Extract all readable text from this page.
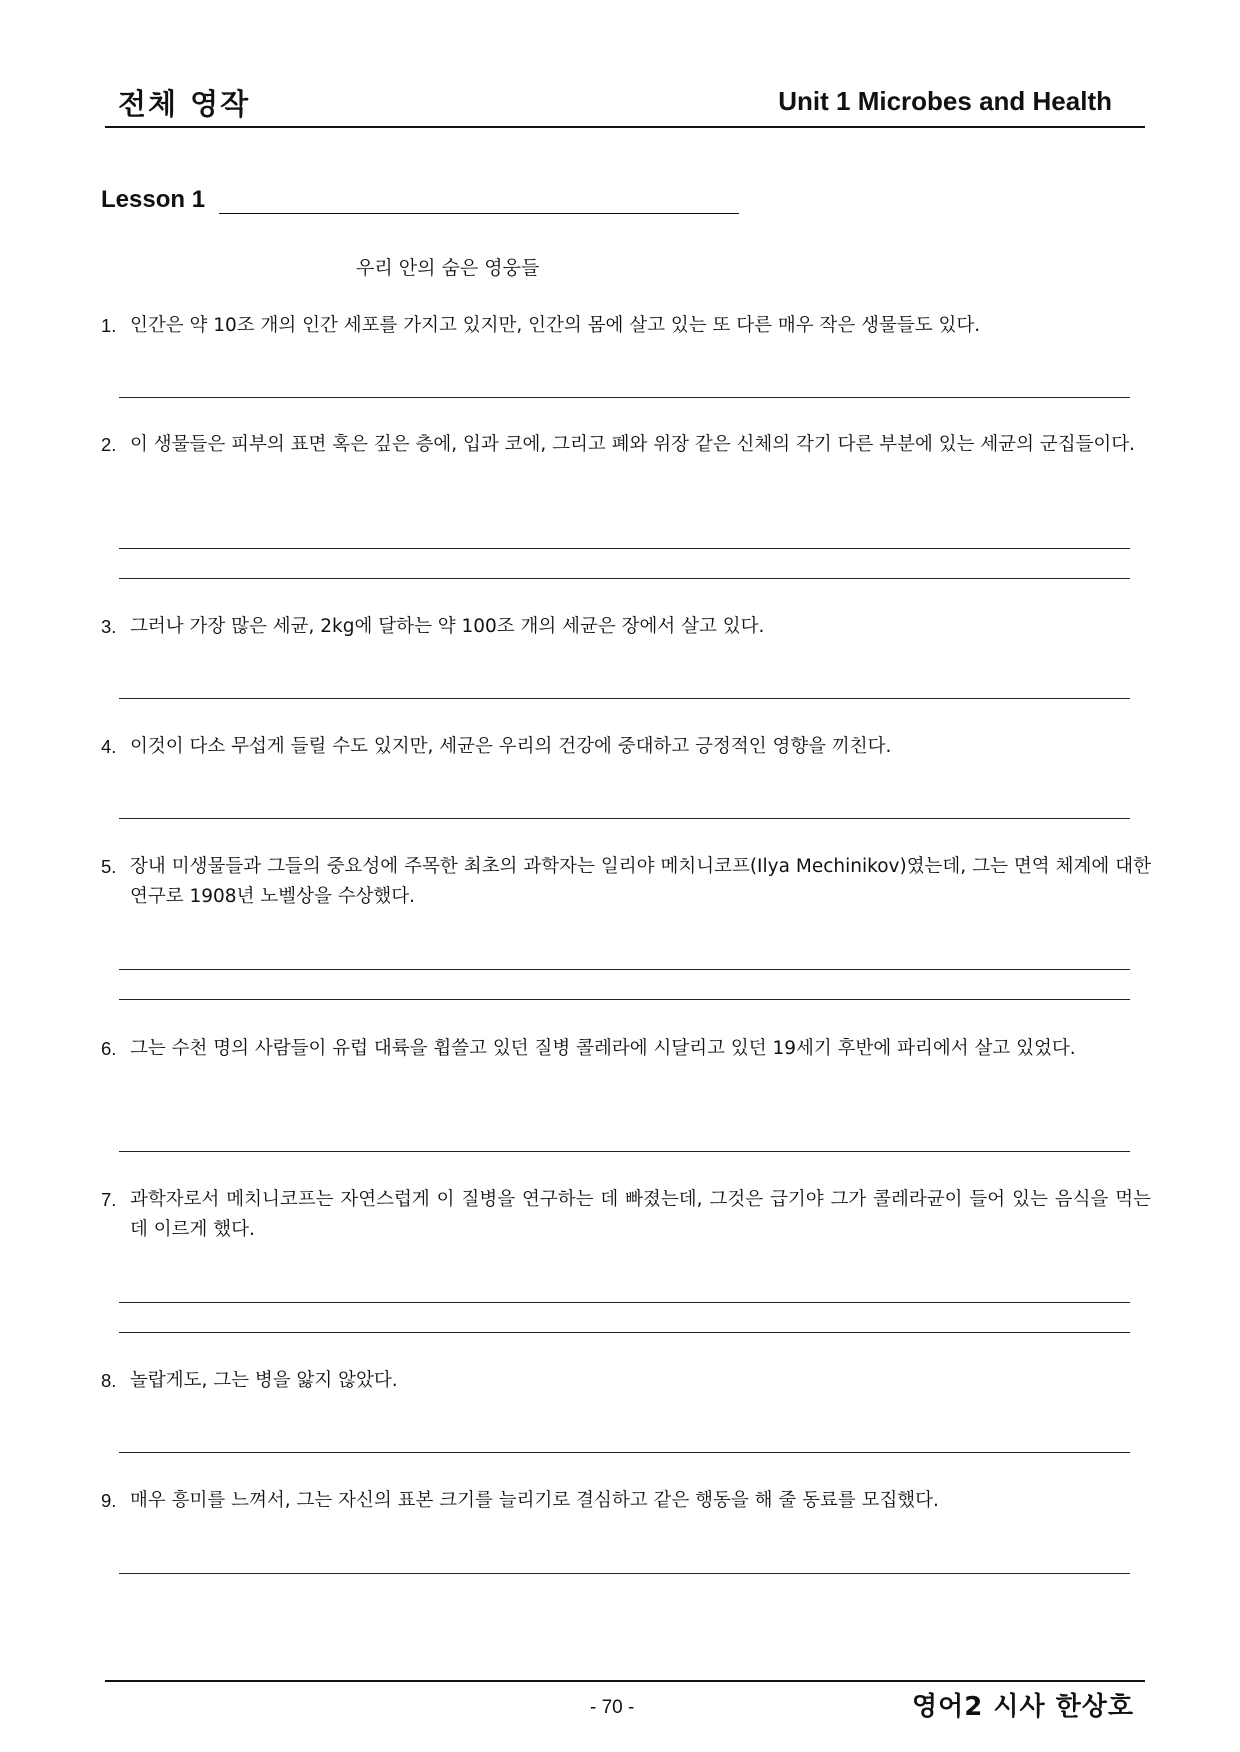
전체 영작	Unit 1 Microbes and Health
Lesson 1
우리 안의 숨은 영웅들
1. 인간은 약 10조 개의 인간 세포를 가지고 있지만, 인간의 몸에 살고 있는 또 다른 매우 작은 생물들도 있다.
2. 이 생물들은 피부의 표면 혹은 깊은 층에, 입과 코에, 그리고 폐와 위장 같은 신체의 각기 다른 부분에 있는 세균의 군집들이다.
3. 그러나 가장 많은 세균, 2kg에 달하는 약 100조 개의 세균은 장에서 살고 있다.
4. 이것이 다소 무섭게 들릴 수도 있지만, 세균은 우리의 건강에 중대하고 긍정적인 영향을 끼친다.
5. 장내 미생물들과 그들의 중요성에 주목한 최초의 과학자는 일리야 메치니코프(Ilya Mechinikov)였는데, 그는 면역 체계에 대한 연구로 1908년 노벨상을 수상했다.
6. 그는 수천 명의 사람들이 유럽 대륙을 휩쓸고 있던 질병 콜레라에 시달리고 있던 19세기 후반에 파리에서 살고 있었다.
7. 과학자로서 메치니코프는 자연스럽게 이 질병을 연구하는 데 빠졌는데, 그것은 급기야 그가 콜레라균이 들어 있는 음식을 먹는 데 이르게 했다.
8. 놀랍게도, 그는 병을 앓지 않았다.
9. 매우 흥미를 느껴서, 그는 자신의 표본 크기를 늘리기로 결심하고 같은 행동을 해 줄 동료를 모집했다.
- 70 -	영어2 시사 한상호
